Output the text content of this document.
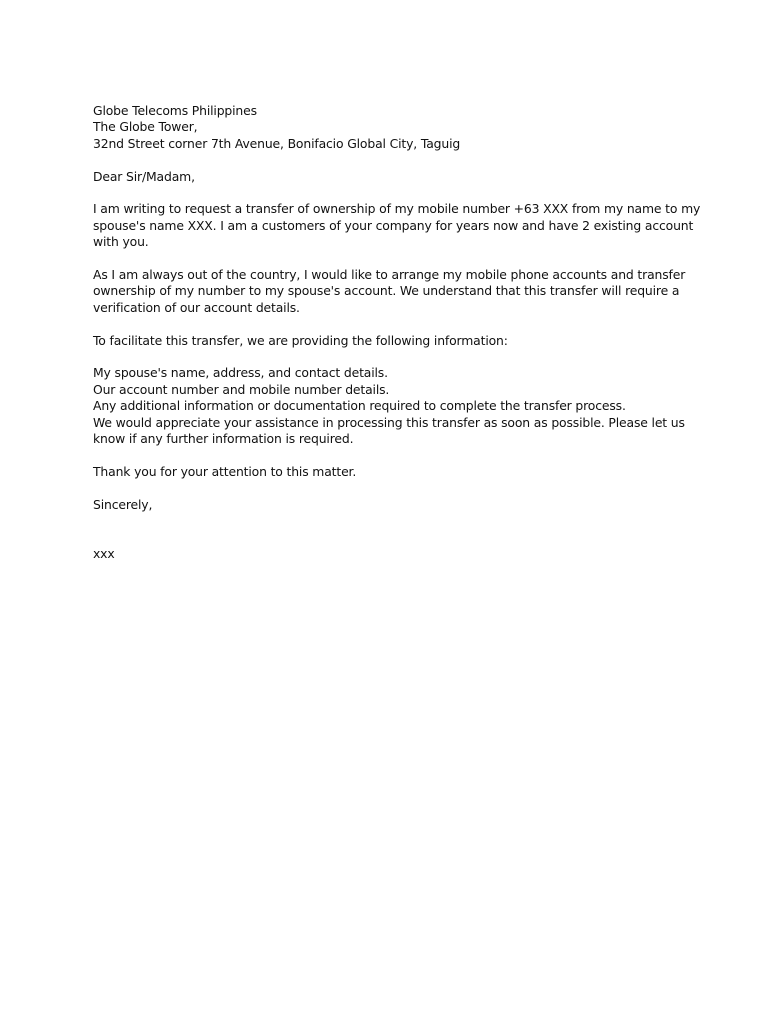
Globe Telecoms Philippines
The Globe Tower,
32nd Street corner 7th Avenue, Bonifacio Global City, Taguig
Dear Sir/Madam,
I am writing to request a transfer of ownership of my mobile number +63 XXX from my name to my
spouse's name XXX. I am a customers of your company for years now and have 2 existing account
with you.
As I am always out of the country, I would like to arrange my mobile phone accounts and transfer
ownership of my number to my spouse's account. We understand that this transfer will require a
verification of our account details.
To facilitate this transfer, we are providing the following information:
My spouse's name, address, and contact details.
Our account number and mobile number details.
Any additional information or documentation required to complete the transfer process.
We would appreciate your assistance in processing this transfer as soon as possible. Please let us
know if any further information is required.
Thank you for your attention to this matter.
Sincerely,
xxx
